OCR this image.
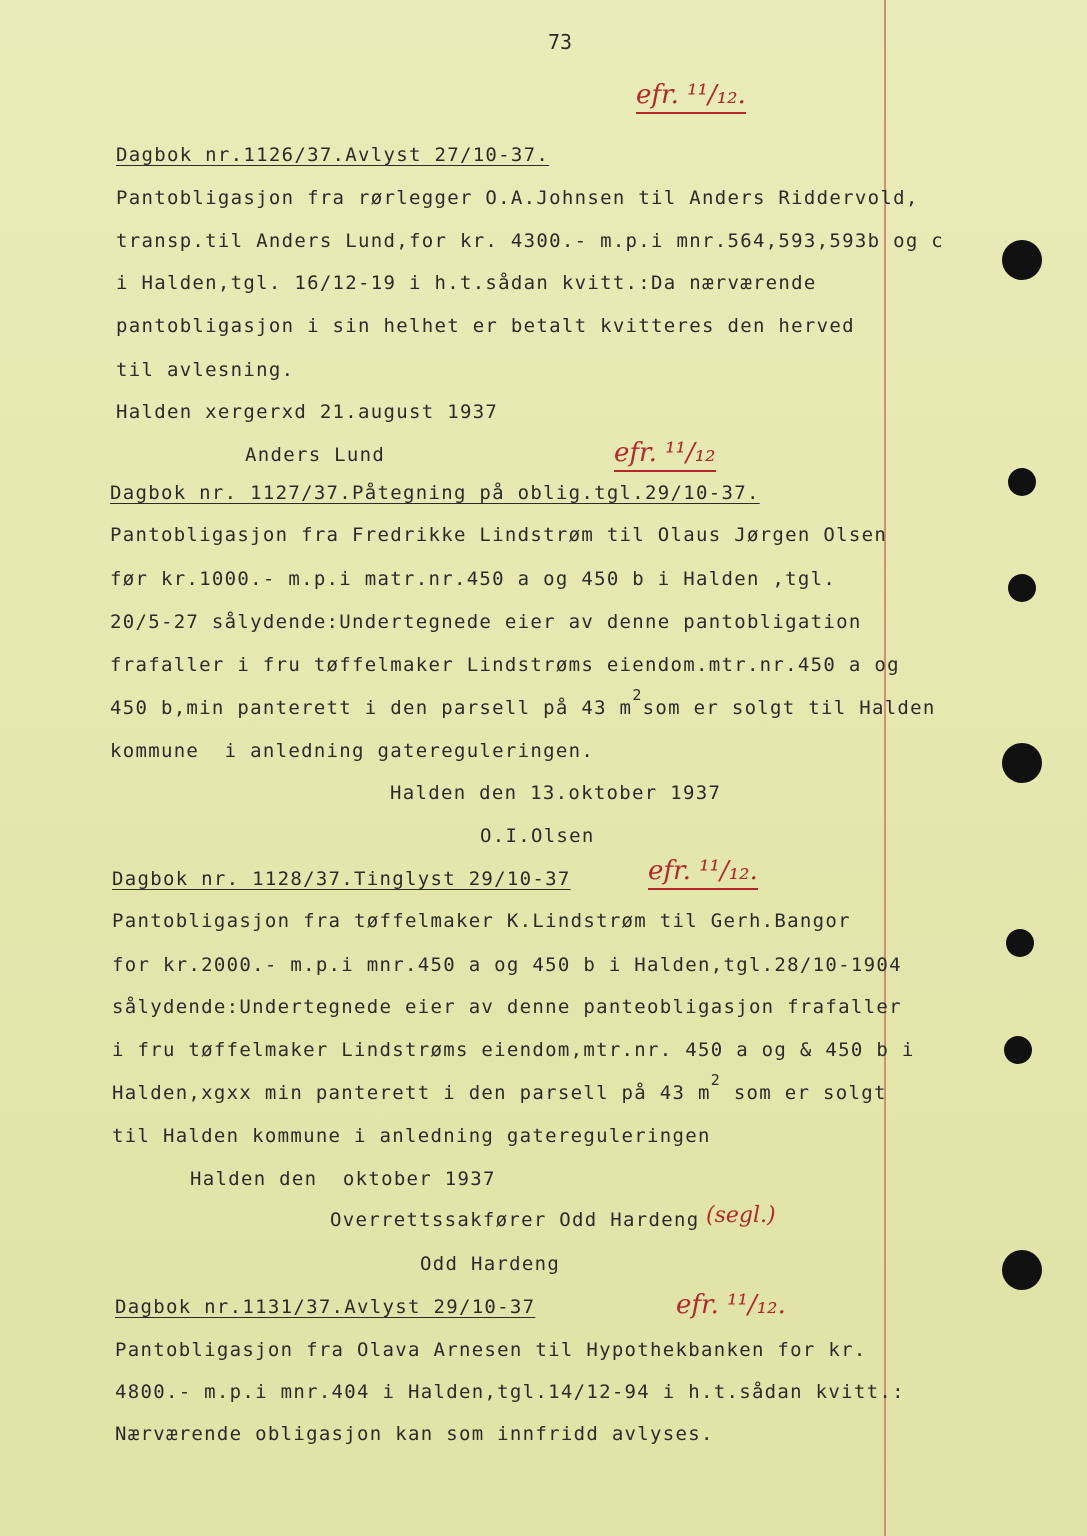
73
efr. ¹¹/₁₂.
efr. ¹¹/₁₂
efr. ¹¹/₁₂.
efr. ¹¹/₁₂.
(segl.)
Dagbok nr.1126/37.Avlyst 27/10-37.
Pantobligasjon fra rørlegger O.A.Johnsen til Anders Riddervold,
transp.til Anders Lund,for kr. 4300.- m.p.i mnr.564,593,593b og c
i Halden,tgl. 16/12-19 i h.t.sådan kvitt.:Da nærværende
pantobligasjon i sin helhet er betalt kvitteres den herved
til avlesning.
Halden xergerxd 21.august 1937
Anders Lund
Dagbok nr. 1127/37.Påtegning på oblig.tgl.29/10-37.
Pantobligasjon fra Fredrikke Lindstrøm til Olaus Jørgen Olsen
før kr.1000.- m.p.i matr.nr.450 a og 450 b i Halden ,tgl.
20/5-27 sålydende:Undertegnede eier av denne pantobligation
frafaller i fru tøffelmaker Lindstrøms eiendom.mtr.nr.450 a og
450 b,min panterett i den parsell på 43 $m^2som$ er solgt til Halden
kommune  i anledning gatereguleringen.
Halden den 13.oktober 1937
O.I.Olsen
Dagbok nr. 1128/37.Tinglyst 29/10-37
Pantobligasjon fra tøffelmaker K.Lindstrøm til Gerh.Bangor
for kr.2000.- m.p.i mnr.450 a og 450 b i Halden,tgl.28/10-1904
sålydende:Undertegnede eier av denne panteobligasjon frafaller
i fru tøffelmaker Lindstrøms eiendom,mtr.nr. 450 a og & 450 b i
Halden,xgxx min panterett i den parsell på 43 $m^2$ som er solgt
til Halden kommune i anledning gatereguleringen
Halden den  oktober 1937
Overrettssakfører Odd Hardeng
Odd Hardeng
Dagbok nr.1131/37.Avlyst 29/10-37
Pantobligasjon fra Olava Arnesen til Hypothekbanken for kr.
4800.- m.p.i mnr.404 i Halden,tgl.14/12-94 i h.t.sådan kvitt.:
Nærværende obligasjon kan som innfridd avlyses.
